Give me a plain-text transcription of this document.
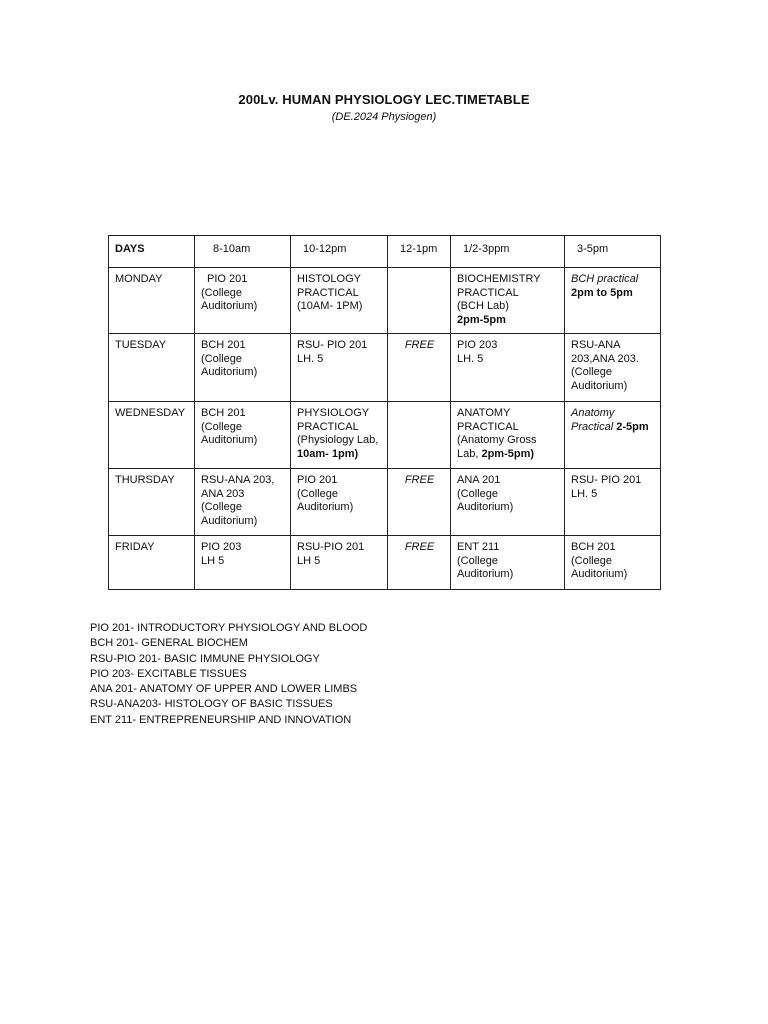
200Lv. HUMAN PHYSIOLOGY LEC.TIMETABLE
(DE.2024 Physiogen)
DAYS	8-10am	10-12pm	12-1pm	1/2-3ppm	3-5pm
MONDAY	PIO 201
(College
Auditorium)	HISTOLOGY
PRACTICAL
(10AM- 1PM)		BIOCHEMISTRY
PRACTICAL
(BCH Lab)
2pm-5pm	BCH practical
2pm to 5pm

TUESDAY	BCH 201
(College
Auditorium)	RSU- PIO 201
LH. 5	FREE	PIO 203
LH. 5	RSU-ANA
203,ANA 203.
(College
Auditorium)

WEDNESDAY	BCH 201
(College
Auditorium)	PHYSIOLOGY
PRACTICAL
(Physiology Lab,
10am- 1pm)		ANATOMY
PRACTICAL
(Anatomy Gross
Lab, 2pm-5pm)	Anatomy
Practical 2-5pm

THURSDAY	RSU-ANA 203,
ANA 203
(College
Auditorium)	PIO 201
(College
Auditorium)	FREE	ANA 201
(College
Auditorium)	RSU- PIO 201
LH. 5

FRIDAY	PIO 203
LH 5	RSU-PIO 201
LH 5	FREE	ENT 211
(College
Auditorium)	BCH 201
(College
Auditorium)
PIO 201- INTRODUCTORY PHYSIOLOGY AND BLOOD
BCH 201- GENERAL BIOCHEM
RSU-PIO 201- BASIC IMMUNE PHYSIOLOGY
PIO 203- EXCITABLE TISSUES
ANA 201- ANATOMY OF UPPER AND LOWER LIMBS
RSU-ANA203- HISTOLOGY OF BASIC TISSUES
ENT 211- ENTREPRENEURSHIP AND INNOVATION
